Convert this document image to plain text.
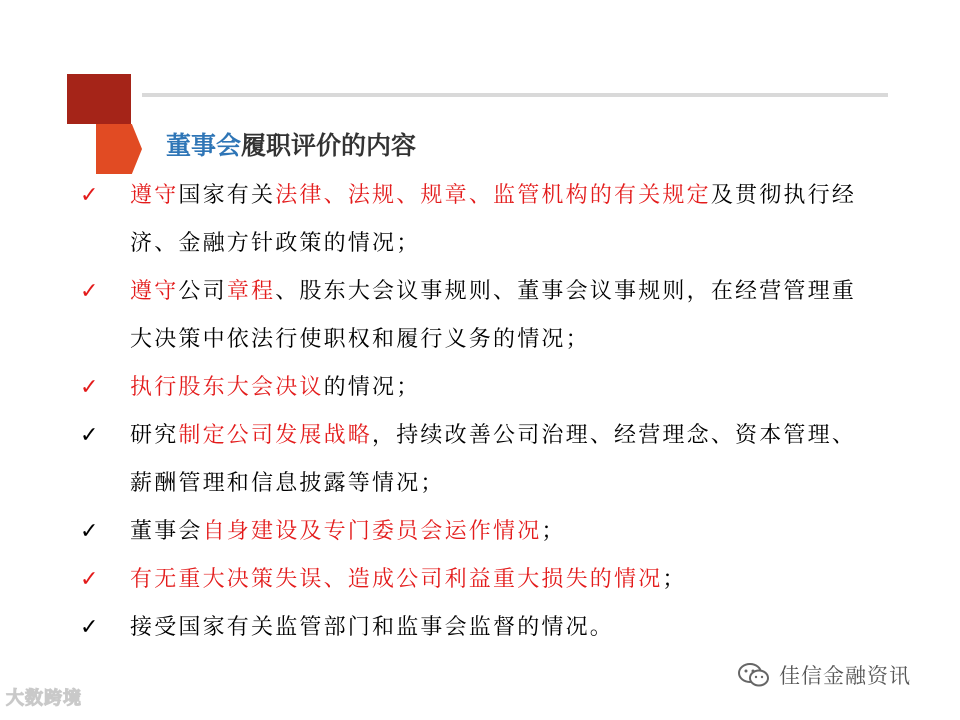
董事会履职评价的内容
✓	遵守国家有关法律、法规、规章、监管机构的有关规定及贯彻执行经济、金融方针政策的情况；
✓	遵守公司章程、股东大会议事规则、董事会议事规则，在经营管理重大决策中依法行使职权和履行义务的情况；
✓	执行股东大会决议的情况；
✓	研究制定公司发展战略，持续改善公司治理、经营理念、资本管理、薪酬管理和信息披露等情况；
✓	董事会自身建设及专门委员会运作情况；
✓	有无重大决策失误、造成公司利益重大损失的情况；
✓	接受国家有关监管部门和监事会监督的情况。
大数跨境
佳信金融资讯
